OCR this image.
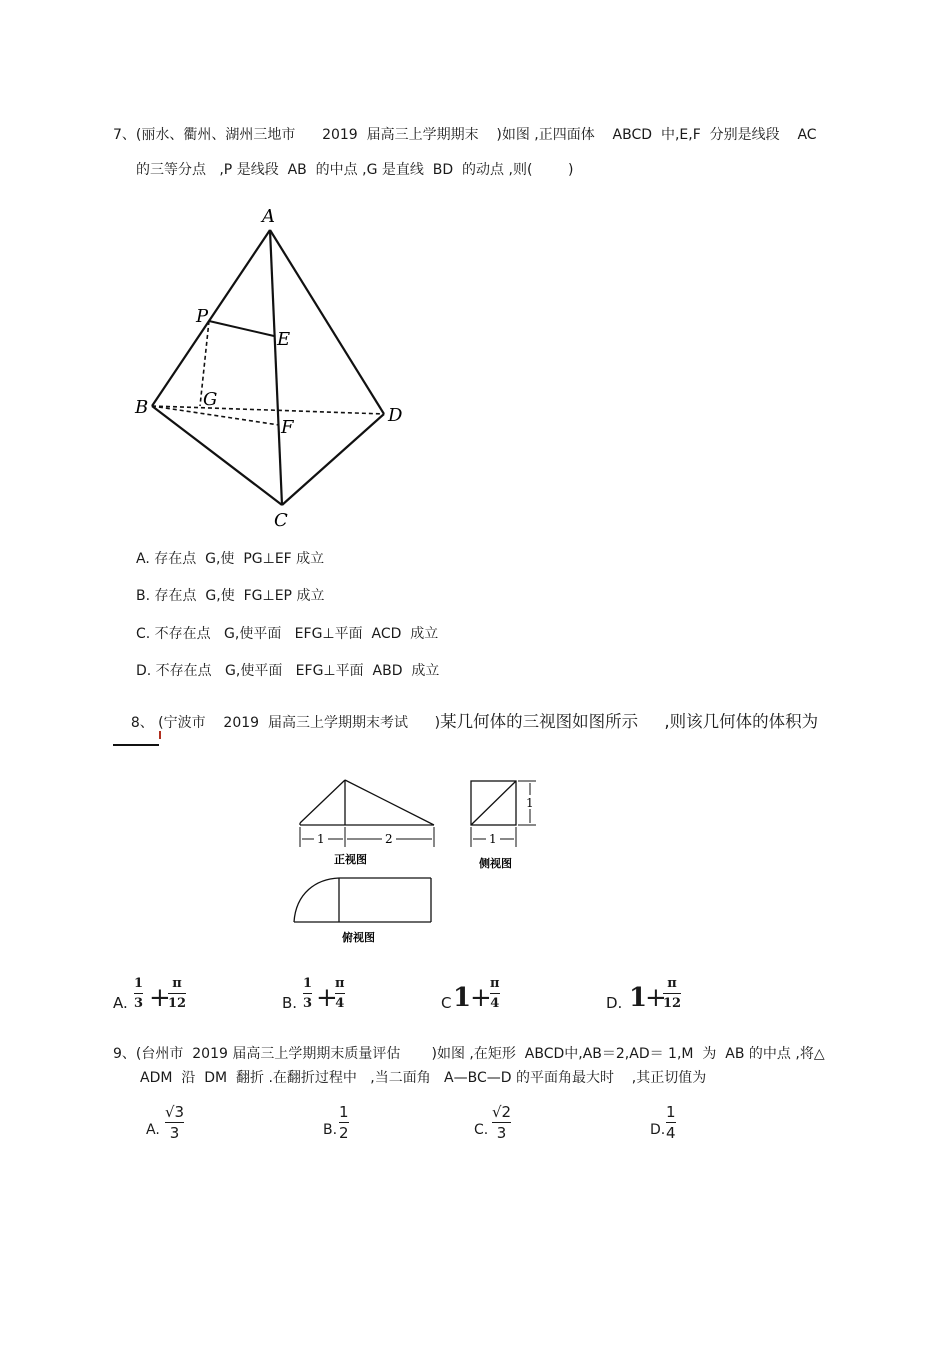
7、(丽水、衢州、湖州三地市      2019  届高三上学期期末    )如图 ,正四面体    ABCD  中,E,F  分别是线段    AC
的三等分点   ,P 是线段  AB  的中点 ,G 是直线  BD  的动点 ,则(        )
A
B
C
D
E
F
G
P
A. 存在点  G,使  PG⊥EF 成立
B. 存在点  G,使  FG⊥EP 成立
C. 不存在点   G,使平面   EFG⊥平面  ACD  成立
D. 不存在点   G,使平面   EFG⊥平面  ABD  成立

8、 (宁波市    2019  届高三上学期期末考试      )某几何体的三视图如图所示     ,则该几何体的体积为

1	2
正视图
1
1
侧视图
俯视图
A.
1
3 + π
12	B.
1
3 +
π
4	C 1
+
π
4	D. 1
+ π
12
9、(台州市  2019 届高三上学期期末质量评估       )如图 ,在矩形  ABCD中,AB＝2,AD＝ 1,M  为  AB 的中点 ,将△
ADM  沿  DM  翻折 .在翻折过程中   ,当二面角   A—BC—D 的平面角最大时    ,其正切值为
A.
√3
3	B.
1
2	C.
√2
3	D.
1
4
